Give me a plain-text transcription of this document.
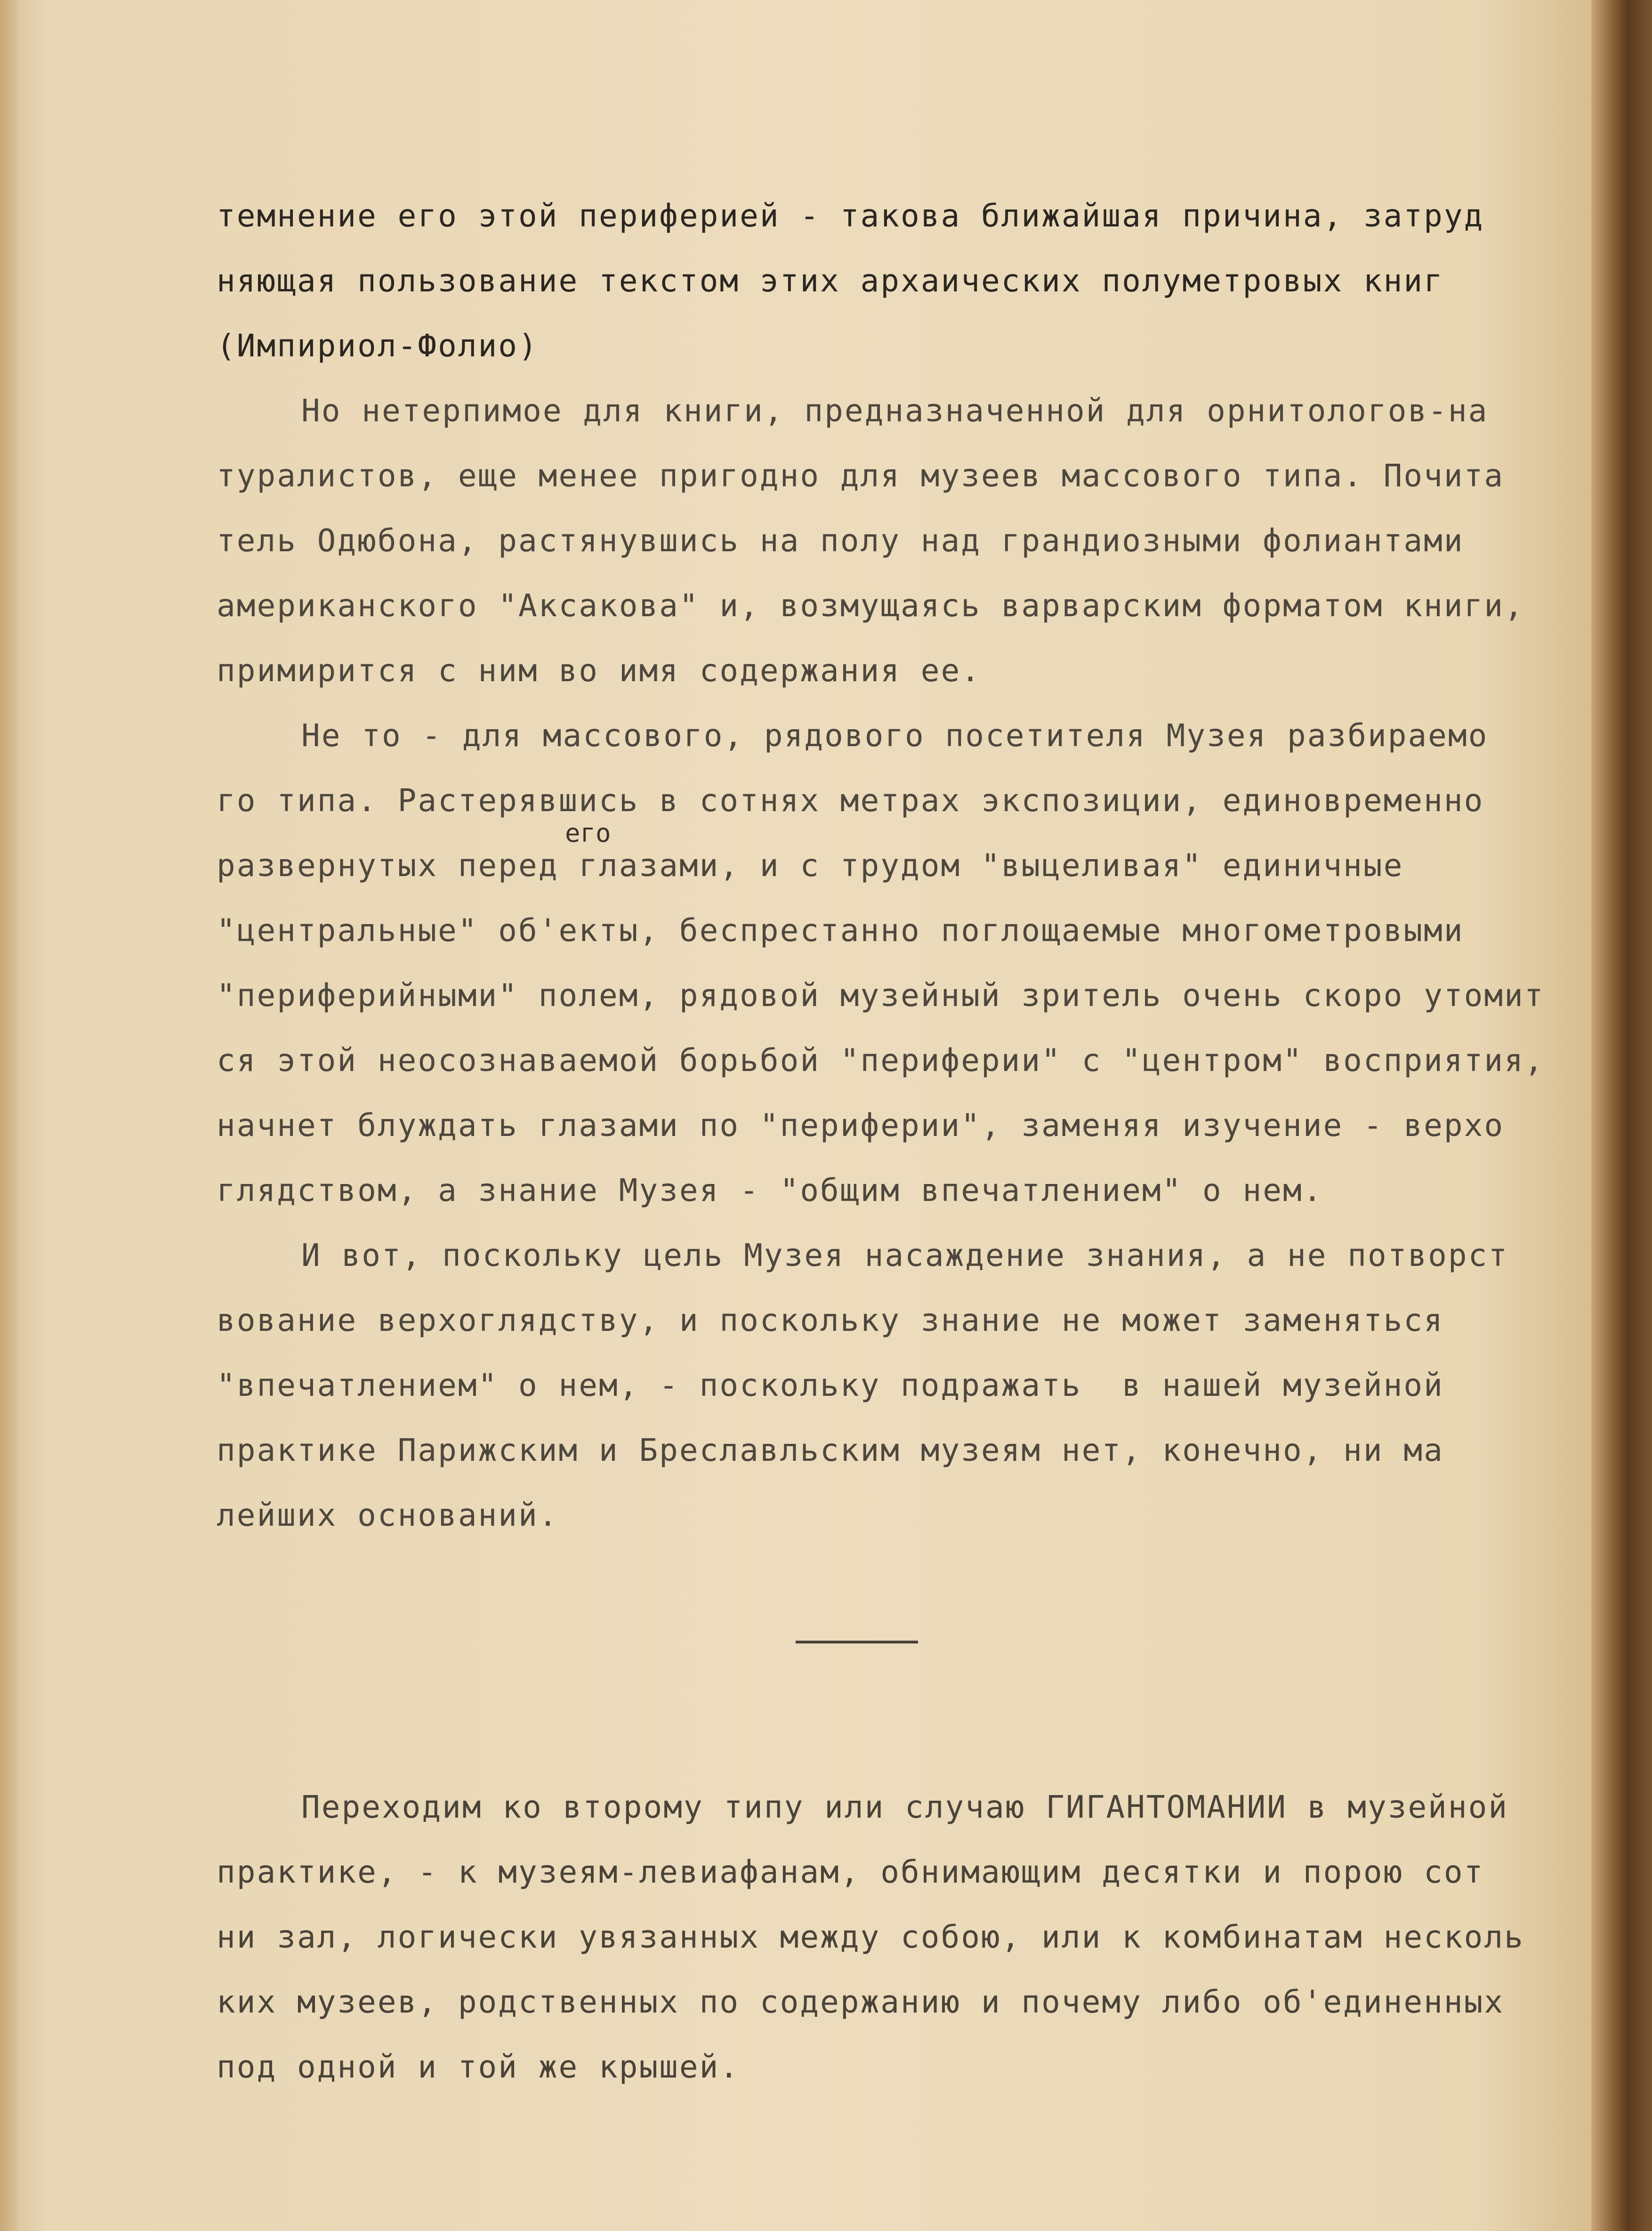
темнение его этой периферией - такова ближайшая причина, затруд
няющая пользование текстом этих архаических полуметровых книг
(Импириол-Фолио)
Но нетерпимое для книги, предназначенной для орнитологов-на
туралистов, еще менее пригодно для музеев массового типа. Почита
тель Одюбона, растянувшись на полу над грандиозными фолиантами
американского "Аксакова" и, возмущаясь варварским форматом книги,
примирится с ним во имя содержания ее.
Не то - для массового, рядового посетителя Музея разбираемо
го типа. Растерявшись в сотнях метрах экспозиции, единовременно
развернутых перед глазами, и с трудом "выцеливая" единичные
"центральные" об'екты, беспрестанно поглощаемые многометровыми
"периферийными" полем, рядовой музейный зритель очень скоро утомит
ся этой неосознаваемой борьбой "периферии" с "центром" восприятия,
начнет блуждать глазами по "периферии", заменяя изучение - верхо
глядством, а знание Музея - "общим впечатлением" о нем.
И вот, поскольку цель Музея насаждение знания, а не потворст
вование верхоглядству, и поскольку знание не может заменяться
"впечатлением" о нем, - поскольку подражать  в нашей музейной
практике Парижским и Бреславльским музеям нет, конечно, ни ма
лейших оснований.
его
Переходим ко второму типу или случаю ГИГАНТОМАНИИ в музейной
практике, - к музеям-левиафанам, обнимающим десятки и порою сот
ни зал, логически увязанных между собою, или к комбинатам несколь
ких музеев, родственных по содержанию и почему либо об'единенных
под одной и той же крышей.
